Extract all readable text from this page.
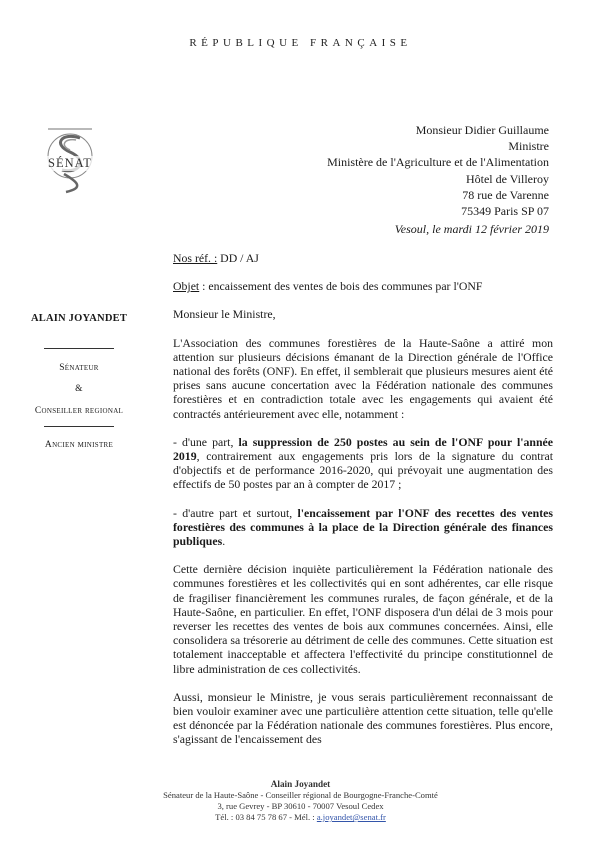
RÉPUBLIQUE FRANÇAISE
SÉNAT
Monsieur Didier Guillaume
Ministre
Ministère de l'Agriculture et de l'Alimentation
Hôtel de Villeroy
78 rue de Varenne
75349 Paris SP 07
Vesoul, le mardi 12 février 2019
ALAIN JOYANDET
Sénateur
&
Conseiller regional
Ancien ministre

Nos réf. : DD / AJ

Objet : encaissement des ventes de bois des communes par l'ONF

Monsieur le Ministre,

L'Association des communes forestières de la Haute-Saône a attiré mon attention sur plusieurs décisions émanant de la Direction générale de l'Office national des forêts (ONF). En effet, il semblerait que plusieurs mesures aient été prises sans aucune concertation avec la Fédération nationale des communes forestières et en contradiction totale avec les engagements qui avaient été contractés antérieurement avec elle, notamment :

- d'une part, la suppression de 250 postes au sein de l'ONF pour l'année 2019, contrairement aux engagements pris lors de la signature du contrat d'objectifs et de performance 2016-2020, qui prévoyait une augmentation des effectifs de 50 postes par an à compter de 2017 ;

- d'autre part et surtout, l'encaissement par l'ONF des recettes des ventes forestières des communes à la place de la Direction générale des finances publiques.

Cette dernière décision inquiète particulièrement la Fédération nationale des communes forestières et les collectivités qui en sont adhérentes, car elle risque de fragiliser financièrement les communes rurales, de façon générale, et de la Haute-Saône, en particulier. En effet, l'ONF disposera d'un délai de 3 mois pour reverser les recettes des ventes de bois aux communes concernées. Ainsi, elle consolidera sa trésorerie au détriment de celle des communes. Cette situation est totalement inacceptable et affectera l'effectivité du principe constitutionnel de libre administration de ces collectivités.

Aussi, monsieur le Ministre, je vous serais particulièrement reconnaissant de bien vouloir examiner avec une particulière attention cette situation, telle qu'elle est dénoncée par la Fédération nationale des communes forestières. Plus encore, s'agissant de l'encaissement des

Alain Joyandet
Sénateur de la Haute-Saône - Conseiller régional de Bourgogne-Franche-Comté
3, rue Gevrey - BP 30610 - 70007 Vesoul Cedex
Tél. : 03 84 75 78 67 - Mél. : a.joyandet@senat.fr
